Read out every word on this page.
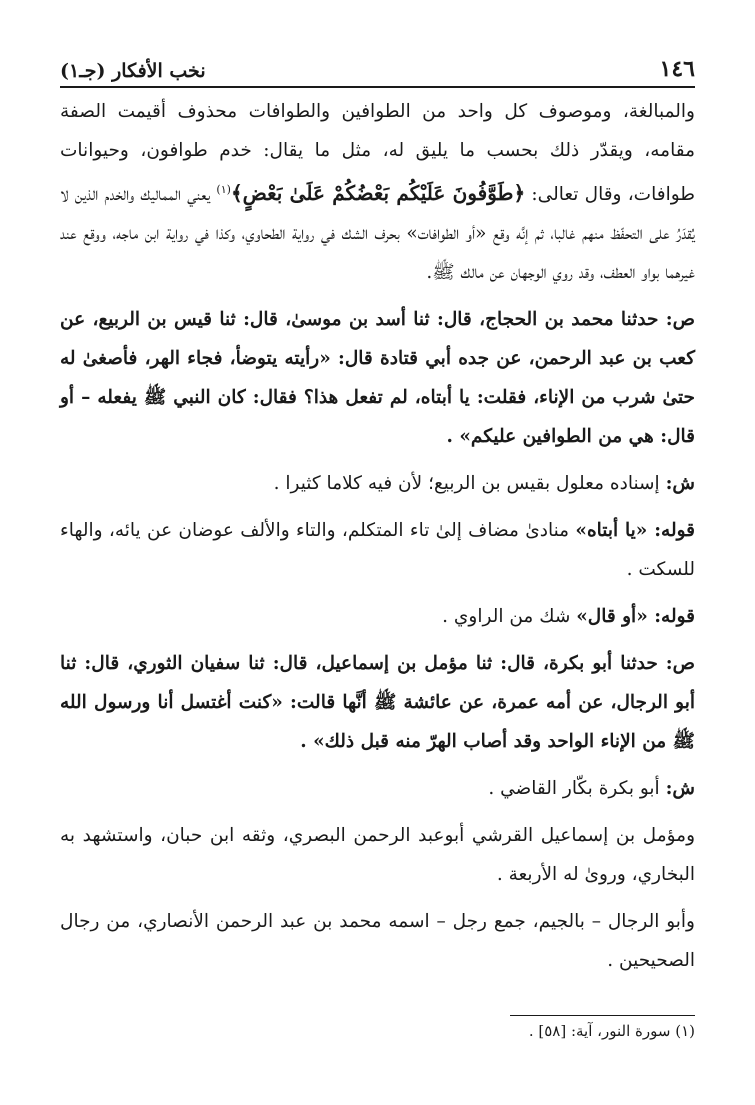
١٤٦
نخب الأفكار (جـ١)

والمبالغة، وموصوف كل واحد من الطوافين والطوافات محذوف أقيمت الصفة مقامه، ويقدّر ذلك بحسب ما يليق له، مثل ما يقال: خدم طوافون، وحيوانات طوافات، وقال تعالى: ﴿طَوَّفُونَ عَلَيْكُم بَعْضُكُمْ عَلَىٰ بَعْضٍ﴾$^{(١)}$ يعني المماليك والخدم الذين لا يُقدَرُ على التحفّظ منهم غالبا، ثم إنَّه وقع «أو الطوافات» بحرف الشك في رواية الطحاوي، وكذا في رواية ابن ماجه، ووقع عند غيرهما بواو العطف، وقد روي الوجهان عن مالك ﷺ.

ص: حدثنا محمد بن الحجاج، قال: ثنا أسد بن موسىٰ، قال: ثنا قيس بن الربيع، عن كعب بن عبد الرحمن، عن جده أبي قتادة قال: «رأيته يتوضأ، فجاء الهر، فأصغىٰ له حتىٰ شرب من الإناء، فقلت: يا أبتاه، لم تفعل هذا؟ فقال: كان النبي ﷺ يفعله – أو قال: هي من الطوافين عليكم» .

ش: إسناده معلول بقيس بن الربيع؛ لأن فيه كلاما كثيرا .

قوله: «يا أبتاه» منادىٰ مضاف إلىٰ تاء المتكلم، والتاء والألف عوضان عن يائه، والهاء للسكت .

قوله: «أو قال» شك من الراوي .

ص: حدثنا أبو بكرة، قال: ثنا مؤمل بن إسماعيل، قال: ثنا سفيان الثوري، قال: ثنا أبو الرجال، عن أمه عمرة، عن عائشة ﷺ أنَّها قالت: «كنت أغتسل أنا ورسول الله ﷺ من الإناء الواحد وقد أصاب الهرّ منه قبل ذلك» .

ش: أبو بكرة بكّار القاضي .

ومؤمل بن إسماعيل القرشي أبوعبد الرحمن البصري، وثقه ابن حبان، واستشهد به البخاري، وروىٰ له الأربعة .

وأبو الرجال – بالجيم، جمع رجل – اسمه محمد بن عبد الرحمن الأنصاري، من رجال الصحيحين .

(١) سورة النور، آية: [٥٨] .
